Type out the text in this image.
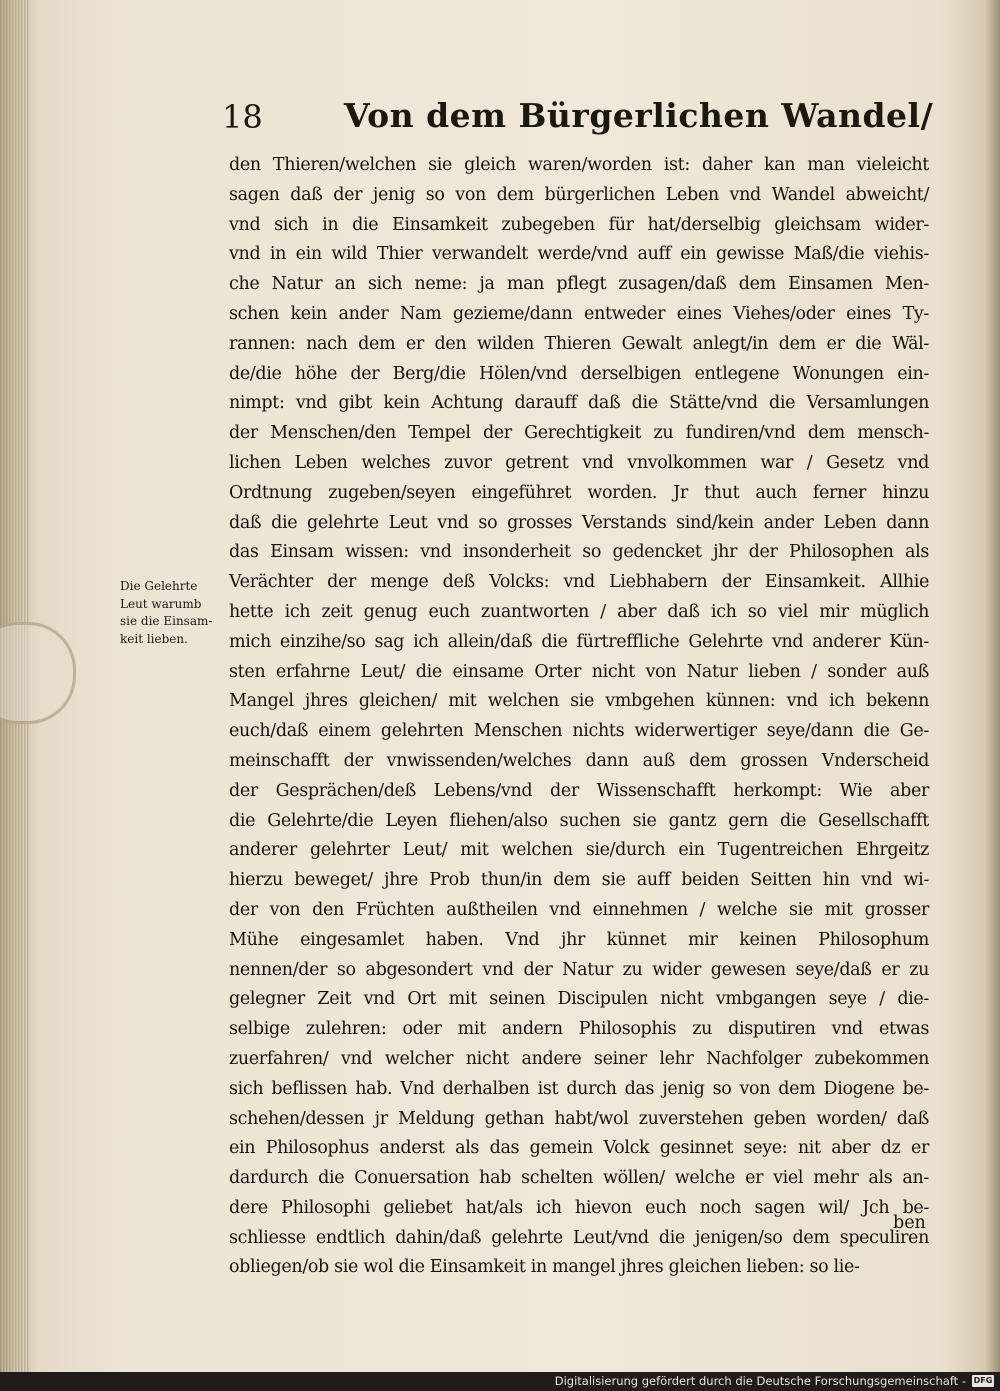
18 Von dem Bürgerlichen Wandel/
Die Gelehrte
Leut warumb
sie die Einsam-
keit lieben.
den Thieren/welchen sie gleich waren/worden ist: daher kan man vieleicht
sagen daß der jenig so von dem bürgerlichen Leben vnd Wandel abweicht/
vnd sich in die Einsamkeit zubegeben für hat/derselbig gleichsam wider-
vnd in ein wild Thier verwandelt werde/vnd auff ein gewisse Maß/die viehis-
che Natur an sich neme: ja man pflegt zusagen/daß dem Einsamen Men-
schen kein ander Nam gezieme/dann entweder eines Viehes/oder eines Ty-
rannen: nach dem er den wilden Thieren Gewalt anlegt/in dem er die Wäl-
de/die höhe der Berg/die Hölen/vnd derselbigen entlegene Wonungen ein-
nimpt: vnd gibt kein Achtung darauff daß die Stätte/vnd die Versamlungen
der Menschen/den Tempel der Gerechtigkeit zu fundiren/vnd dem mensch-
lichen Leben welches zuvor getrent vnd vnvolkommen war / Gesetz vnd
Ordtnung zugeben/seyen eingeführet worden. Jr thut auch ferner hinzu
daß die gelehrte Leut vnd so grosses Verstands sind/kein ander Leben dann
das Einsam wissen: vnd insonderheit so gedencket jhr der Philosophen als
Verächter der menge deß Volcks: vnd Liebhabern der Einsamkeit. Allhie
hette ich zeit genug euch zuantworten / aber daß ich so viel mir müglich
mich einzihe/so sag ich allein/daß die fürtreffliche Gelehrte vnd anderer Kün-
sten erfahrne Leut/ die einsame Orter nicht von Natur lieben / sonder auß
Mangel jhres gleichen/ mit welchen sie vmbgehen künnen: vnd ich bekenn
euch/daß einem gelehrten Menschen nichts widerwertiger seye/dann die Ge-
meinschafft der vnwissenden/welches dann auß dem grossen Vnderscheid
der Gesprächen/deß Lebens/vnd der Wissenschafft herkompt: Wie aber
die Gelehrte/die Leyen fliehen/also suchen sie gantz gern die Gesellschafft
anderer gelehrter Leut/ mit welchen sie/durch ein Tugentreichen Ehrgeitz
hierzu beweget/ jhre Prob thun/in dem sie auff beiden Seitten hin vnd wi-
der von den Früchten außtheilen vnd einnehmen / welche sie mit grosser
Mühe eingesamlet haben. Vnd jhr künnet mir keinen Philosophum
nennen/der so abgesondert vnd der Natur zu wider gewesen seye/daß er zu
gelegner Zeit vnd Ort mit seinen Discipulen nicht vmbgangen seye / die-
selbige zulehren: oder mit andern Philosophis zu disputiren vnd etwas
zuerfahren/ vnd welcher nicht andere seiner lehr Nachfolger zubekommen
sich beflissen hab. Vnd derhalben ist durch das jenig so von dem Diogene be-
schehen/dessen jr Meldung gethan habt/wol zuverstehen geben worden/ daß
ein Philosophus anderst als das gemein Volck gesinnet seye: nit aber dz er
dardurch die Conuersation hab schelten wöllen/ welche er viel mehr als an-
dere Philosophi geliebet hat/als ich hievon euch noch sagen wil/ Jch be-
schliesse endtlich dahin/daß gelehrte Leut/vnd die jenigen/so dem speculiren
obliegen/ob sie wol die Einsamkeit in mangel jhres gleichen lieben: so lie-
ben
Digitalisierung gefördert durch die Deutsche Forschungsgemeinschaft - DFG
